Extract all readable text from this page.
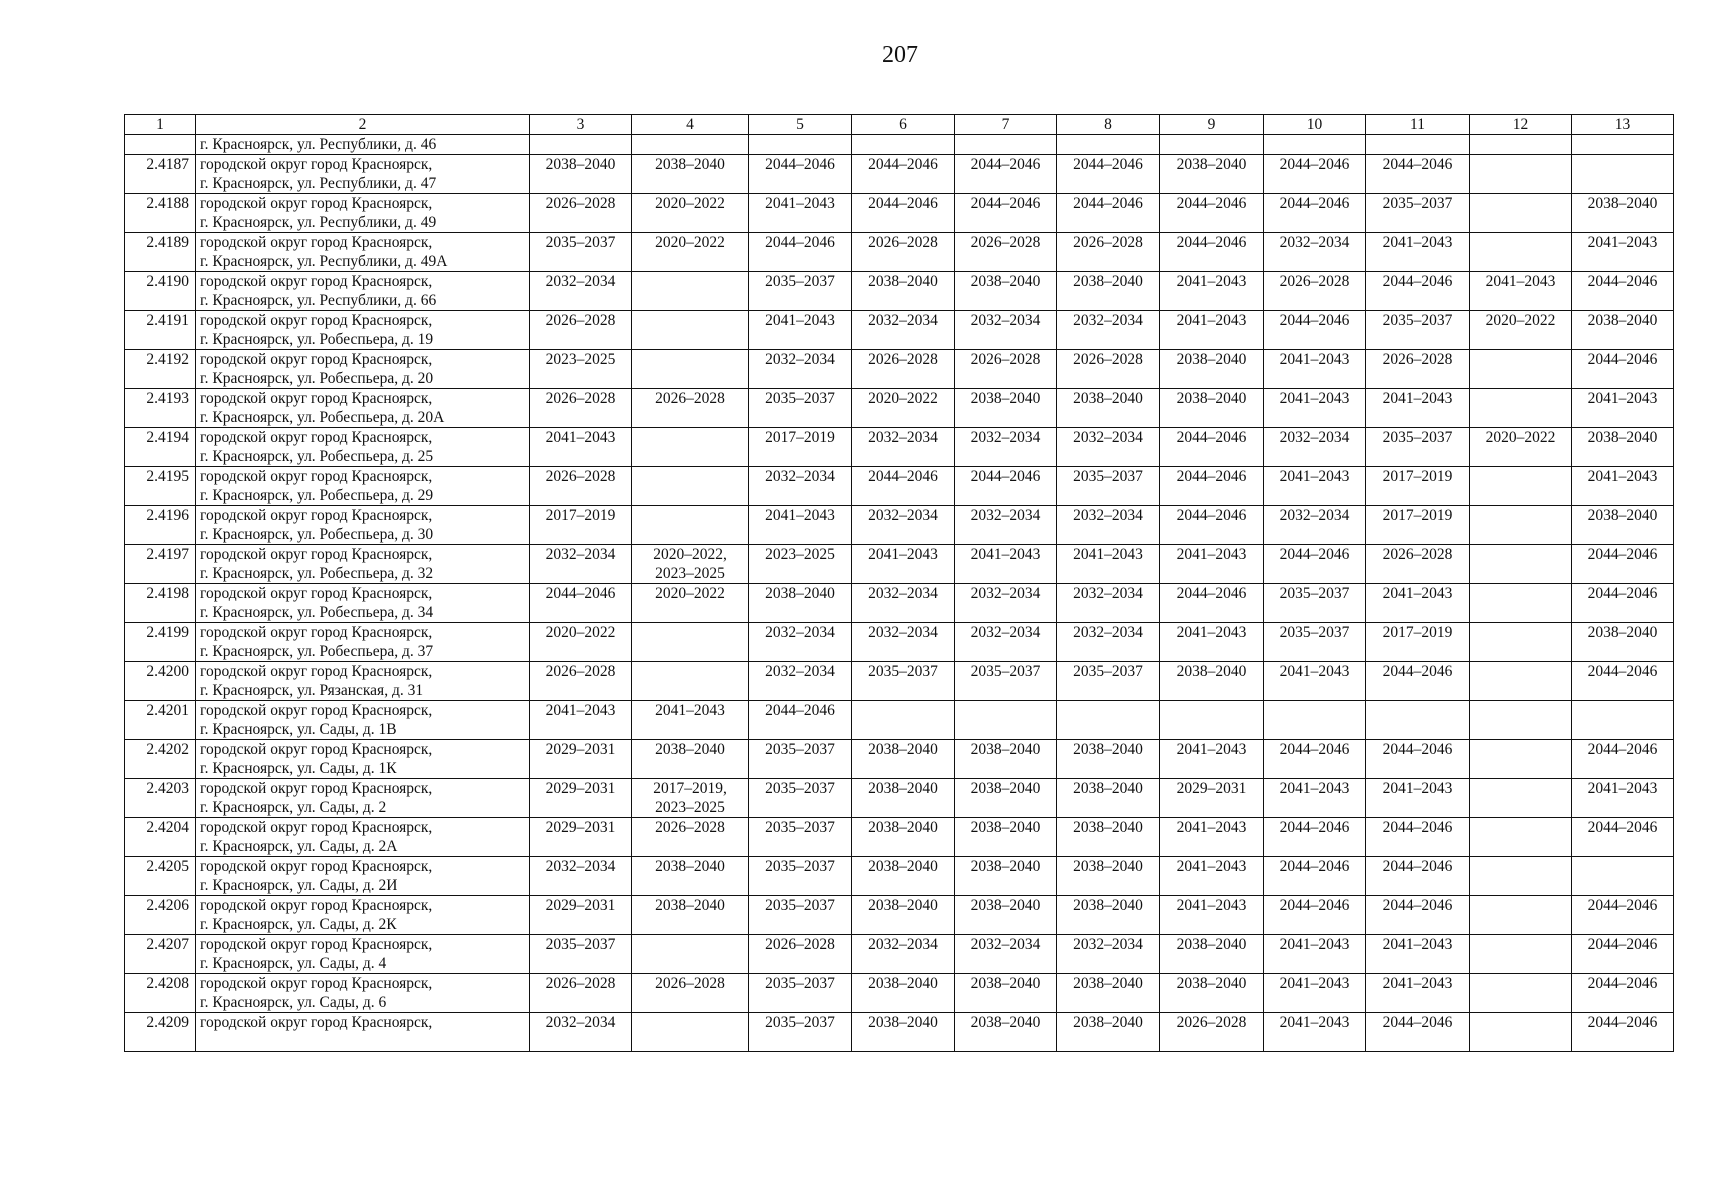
207
1	2	3	4	5	6	7	8	9	10	11	12	13

	г. Красноярск, ул. Республики, д. 46											

2.4187	городской округ город Красноярск,
г. Красноярск, ул. Республики, д. 47	2038–2040	2038–2040	2044–2046	2044–2046	2044–2046	2044–2046	2038–2040	2044–2046	2044–2046		
2.4188	городской округ город Красноярск,
г. Красноярск, ул. Республики, д. 49	2026–2028	2020–2022	2041–2043	2044–2046	2044–2046	2044–2046	2044–2046	2044–2046	2035–2037		2038–2040
2.4189	городской округ город Красноярск,
г. Красноярск, ул. Республики, д. 49А	2035–2037	2020–2022	2044–2046	2026–2028	2026–2028	2026–2028	2044–2046	2032–2034	2041–2043		2041–2043
2.4190	городской округ город Красноярск,
г. Красноярск, ул. Республики, д. 66	2032–2034		2035–2037	2038–2040	2038–2040	2038–2040	2041–2043	2026–2028	2044–2046	2041–2043	2044–2046
2.4191	городской округ город Красноярск,
г. Красноярск, ул. Робеспьера, д. 19	2026–2028		2041–2043	2032–2034	2032–2034	2032–2034	2041–2043	2044–2046	2035–2037	2020–2022	2038–2040
2.4192	городской округ город Красноярск,
г. Красноярск, ул. Робеспьера, д. 20	2023–2025		2032–2034	2026–2028	2026–2028	2026–2028	2038–2040	2041–2043	2026–2028		2044–2046
2.4193	городской округ город Красноярск,
г. Красноярск, ул. Робеспьера, д. 20А	2026–2028	2026–2028	2035–2037	2020–2022	2038–2040	2038–2040	2038–2040	2041–2043	2041–2043		2041–2043
2.4194	городской округ город Красноярск,
г. Красноярск, ул. Робеспьера, д. 25	2041–2043		2017–2019	2032–2034	2032–2034	2032–2034	2044–2046	2032–2034	2035–2037	2020–2022	2038–2040
2.4195	городской округ город Красноярск,
г. Красноярск, ул. Робеспьера, д. 29	2026–2028		2032–2034	2044–2046	2044–2046	2035–2037	2044–2046	2041–2043	2017–2019		2041–2043
2.4196	городской округ город Красноярск,
г. Красноярск, ул. Робеспьера, д. 30	2017–2019		2041–2043	2032–2034	2032–2034	2032–2034	2044–2046	2032–2034	2017–2019		2038–2040
2.4197	городской округ город Красноярск,
г. Красноярск, ул. Робеспьера, д. 32	2032–2034	2020–2022,
2023–2025	2023–2025	2041–2043	2041–2043	2041–2043	2041–2043	2044–2046	2026–2028		2044–2046
2.4198	городской округ город Красноярск,
г. Красноярск, ул. Робеспьера, д. 34	2044–2046	2020–2022	2038–2040	2032–2034	2032–2034	2032–2034	2044–2046	2035–2037	2041–2043		2044–2046
2.4199	городской округ город Красноярск,
г. Красноярск, ул. Робеспьера, д. 37	2020–2022		2032–2034	2032–2034	2032–2034	2032–2034	2041–2043	2035–2037	2017–2019		2038–2040
2.4200	городской округ город Красноярск,
г. Красноярск, ул. Рязанская, д. 31	2026–2028		2032–2034	2035–2037	2035–2037	2035–2037	2038–2040	2041–2043	2044–2046		2044–2046
2.4201	городской округ город Красноярск,
г. Красноярск, ул. Сады, д. 1В	2041–2043	2041–2043	2044–2046								
2.4202	городской округ город Красноярск,
г. Красноярск, ул. Сады, д. 1К	2029–2031	2038–2040	2035–2037	2038–2040	2038–2040	2038–2040	2041–2043	2044–2046	2044–2046		2044–2046
2.4203	городской округ город Красноярск,
г. Красноярск, ул. Сады, д. 2	2029–2031	2017–2019,
2023–2025	2035–2037	2038–2040	2038–2040	2038–2040	2029–2031	2041–2043	2041–2043		2041–2043
2.4204	городской округ город Красноярск,
г. Красноярск, ул. Сады, д. 2А	2029–2031	2026–2028	2035–2037	2038–2040	2038–2040	2038–2040	2041–2043	2044–2046	2044–2046		2044–2046
2.4205	городской округ город Красноярск,
г. Красноярск, ул. Сады, д. 2И	2032–2034	2038–2040	2035–2037	2038–2040	2038–2040	2038–2040	2041–2043	2044–2046	2044–2046		
2.4206	городской округ город Красноярск,
г. Красноярск, ул. Сады, д. 2К	2029–2031	2038–2040	2035–2037	2038–2040	2038–2040	2038–2040	2041–2043	2044–2046	2044–2046		2044–2046
2.4207	городской округ город Красноярск,
г. Красноярск, ул. Сады, д. 4	2035–2037		2026–2028	2032–2034	2032–2034	2032–2034	2038–2040	2041–2043	2041–2043		2044–2046
2.4208	городской округ город Красноярск,
г. Красноярск, ул. Сады, д. 6	2026–2028	2026–2028	2035–2037	2038–2040	2038–2040	2038–2040	2038–2040	2041–2043	2041–2043		2044–2046
2.4209	городской округ город Красноярск,	2032–2034		2035–2037	2038–2040	2038–2040	2038–2040	2026–2028	2041–2043	2044–2046		2044–2046
